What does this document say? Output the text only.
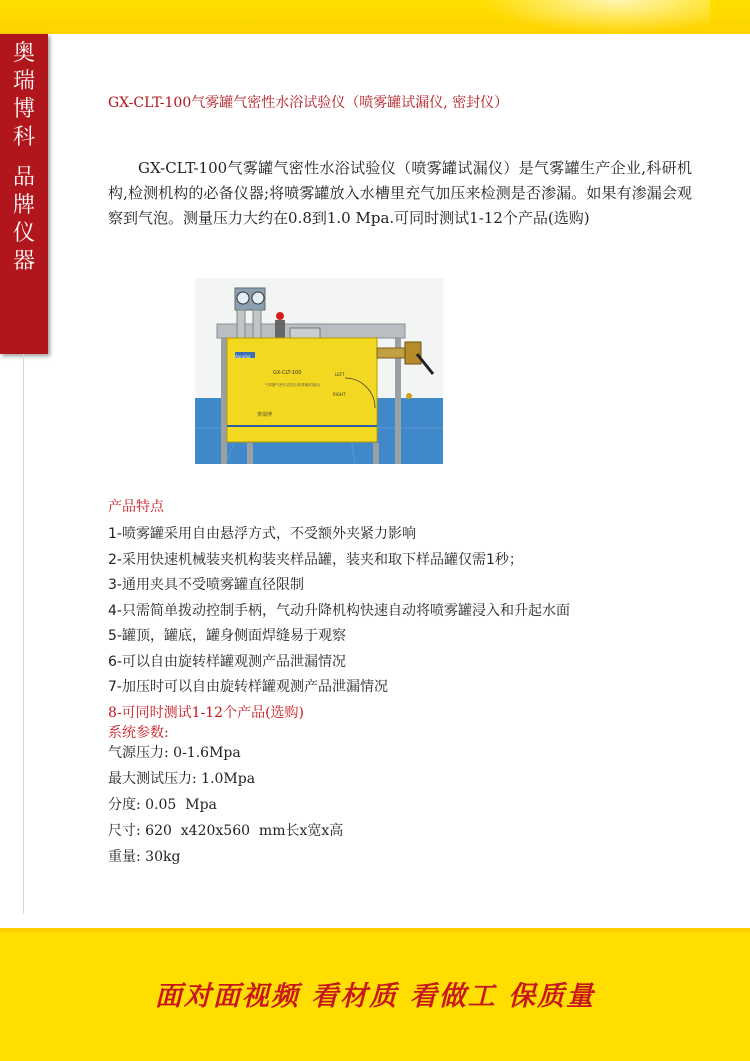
奥
瑞
博
科
品
牌
仪
器
GX-CLT-100气雾罐气密性水浴试验仪（喷雾罐试漏仪, 密封仪）
GX-CLT-100气雾罐气密性水浴试验仪（喷雾罐试漏仪）是气雾罐生产企业,科研机构,检测机构的必备仪器;将喷雾罐放入水槽里充气加压来检测是否渗漏。如果有渗漏会观察到气泡。测量压力大约在0.8到1.0 Mpa.可同时测试1-12个产品(选购)
GX-CLT-100
气雾罐气密性试验仪(喷雾罐试漏仪)
Aoruibo
奥瑞博
LEFT
RIGHT
产品特点
1-喷雾罐采用自由悬浮方式，不受额外夹紧力影响
2-采用快速机械装夹机构装夹样品罐，装夹和取下样品罐仅需1秒；
3-通用夹具不受喷雾罐直径限制
4-只需简单拨动控制手柄，气动升降机构快速自动将喷雾罐浸入和升起水面
5-罐顶，罐底，罐身侧面焊缝易于观察
6-可以自由旋转样罐观测产品泄漏情况
7-加压时可以自由旋转样罐观测产品泄漏情况
8-可同时测试1-12个产品(选购)
系统参数:
气源压力: 0-1.6Mpa
最大测试压力: 1.0Mpa
分度: 0.05  Mpa
尺寸: 620  x420x560  mm长x宽x高
重量: 30kg
面对面视频 看材质 看做工 保质量
